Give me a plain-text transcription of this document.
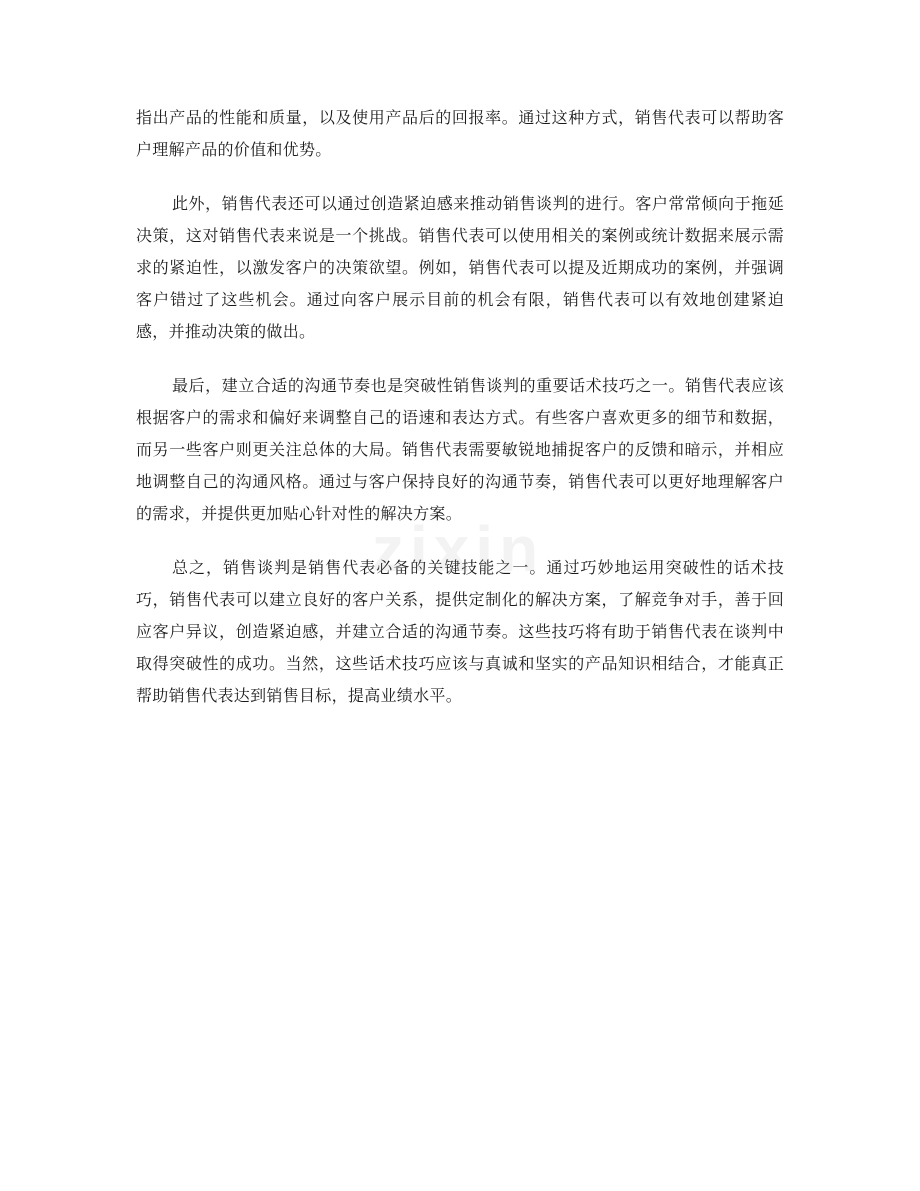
指出产品的性能和质量，以及使用产品后的回报率。通过这种方式，销售代表可以帮助客户理解产品的价值和优势。

此外，销售代表还可以通过创造紧迫感来推动销售谈判的进行。客户常常倾向于拖延决策，这对销售代表来说是一个挑战。销售代表可以使用相关的案例或统计数据来展示需求的紧迫性，以激发客户的决策欲望。例如，销售代表可以提及近期成功的案例，并强调客户错过了这些机会。通过向客户展示目前的机会有限，销售代表可以有效地创建紧迫感，并推动决策的做出。

最后，建立合适的沟通节奏也是突破性销售谈判的重要话术技巧之一。销售代表应该根据客户的需求和偏好来调整自己的语速和表达方式。有些客户喜欢更多的细节和数据，而另一些客户则更关注总体的大局。销售代表需要敏锐地捕捉客户的反馈和暗示，并相应地调整自己的沟通风格。通过与客户保持良好的沟通节奏，销售代表可以更好地理解客户的需求，并提供更加贴心针对性的解决方案。

总之，销售谈判是销售代表必备的关键技能之一。通过巧妙地运用突破性的话术技巧，销售代表可以建立良好的客户关系，提供定制化的解决方案，了解竞争对手，善于回应客户异议，创造紧迫感，并建立合适的沟通节奏。这些技巧将有助于销售代表在谈判中取得突破性的成功。当然，这些话术技巧应该与真诚和坚实的产品知识相结合，才能真正帮助销售代表达到销售目标，提高业绩水平。

zixin
